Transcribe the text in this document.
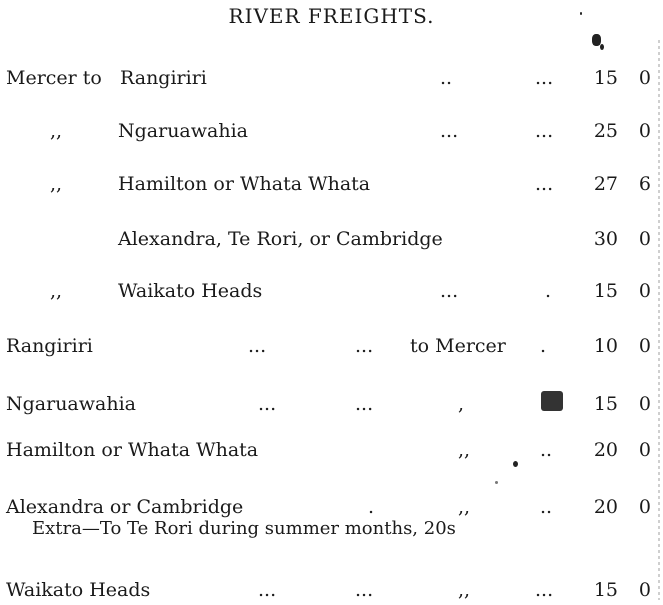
RIVER FREIGHTS.
Mercer to Rangiriri	..	...	15 0
,,	Ngaruawahia	...	...	25 0
,,	Hamilton or Whata Whata	...	27 6
Alexandra, Te Rori, or Cambridge	30 0
,,	Waikato Heads	...	.	15 0
Rangiriri	...	... to Mercer .	10 0
Ngaruawahia	...	...	,	15 0
Hamilton or Whata Whata	,,	..	20 0
Alexandra or Cambridge	.	,,	..	20 0
Extra—To Te Rori during summer months, 20s
Waikato Heads	...	...	,,	...	15 0
